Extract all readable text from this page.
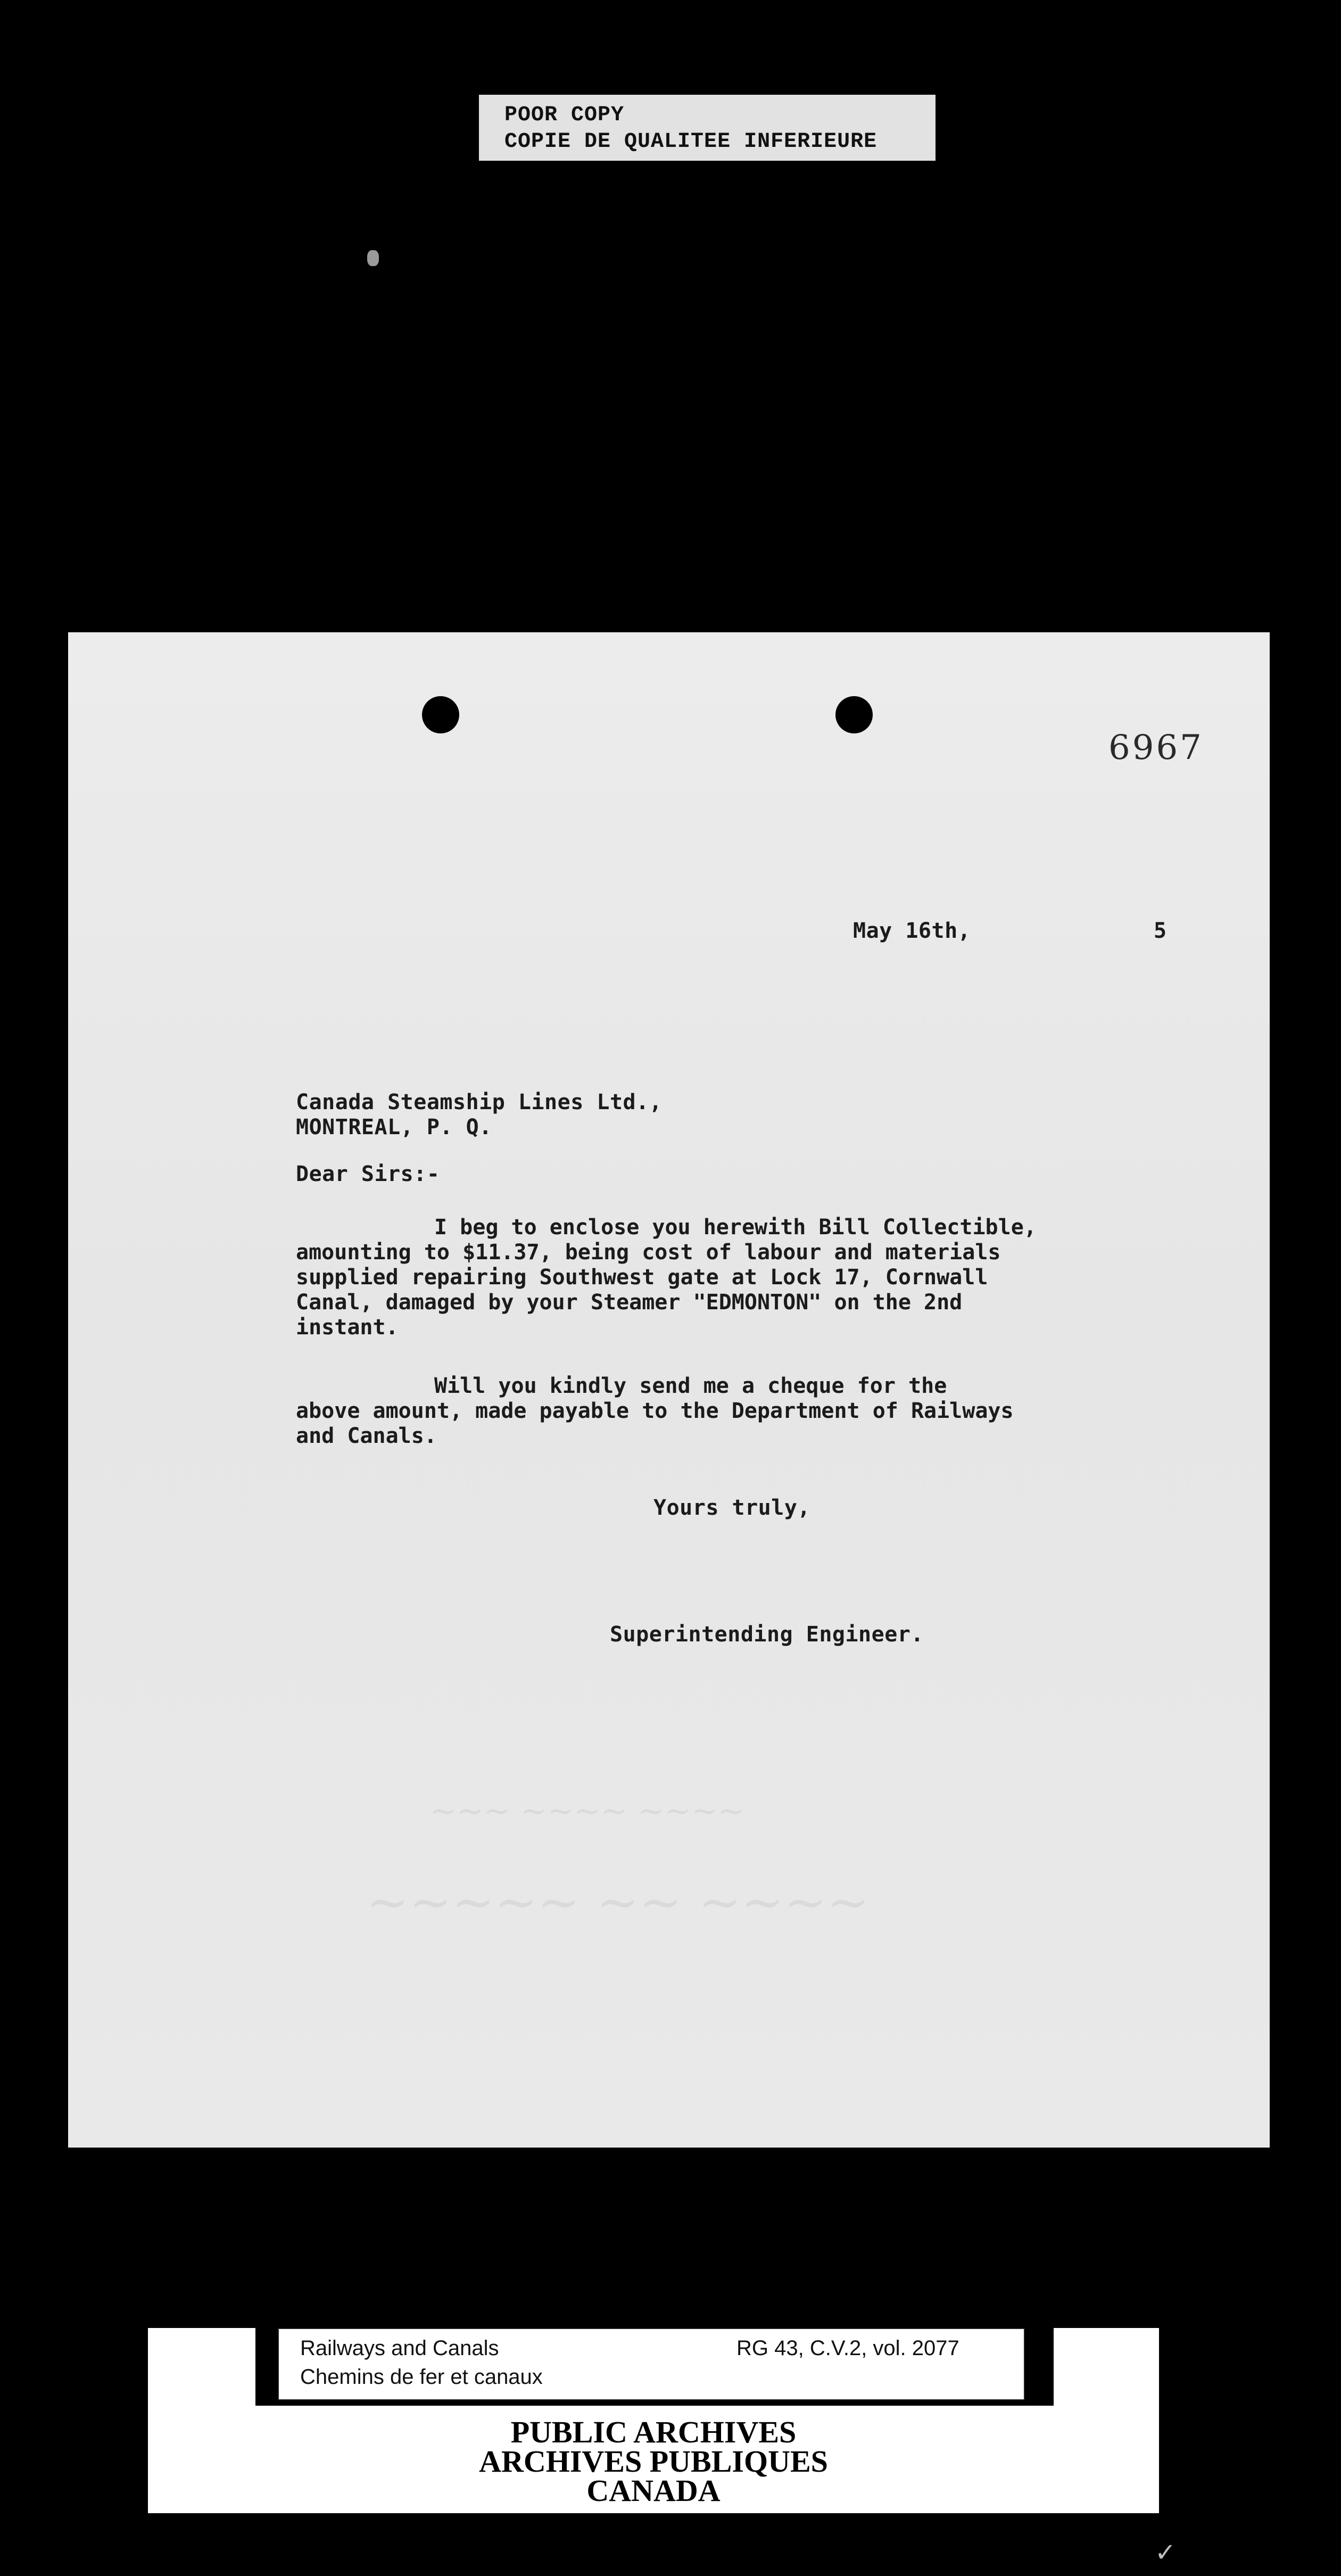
POOR COPY
COPIE DE QUALITEE INFERIEURE
6967
May 16th,	5
Canada Steamship Lines Ltd.,
MONTREAL, P. Q.
Dear Sirs:-
I beg to enclose you herewith Bill Collectible,
amounting to $11.37, being cost of labour and materials
supplied repairing Southwest gate at Lock 17, Cornwall
Canal, damaged by your Steamer "EDMONTON" on the 2nd
instant.
Will you kindly send me a cheque for the
above amount, made payable to the Department of Railways
and Canals.
Yours truly,
Superintending Engineer.
~~~ ~~~~ ~~~~
~~~~~ ~~ ~~~~
Railways and Canals
Chemins de fer et canaux
RG 43, C.V.2, vol. 2077
PUBLIC ARCHIVES
ARCHIVES PUBLIQUES
CANADA
✓
